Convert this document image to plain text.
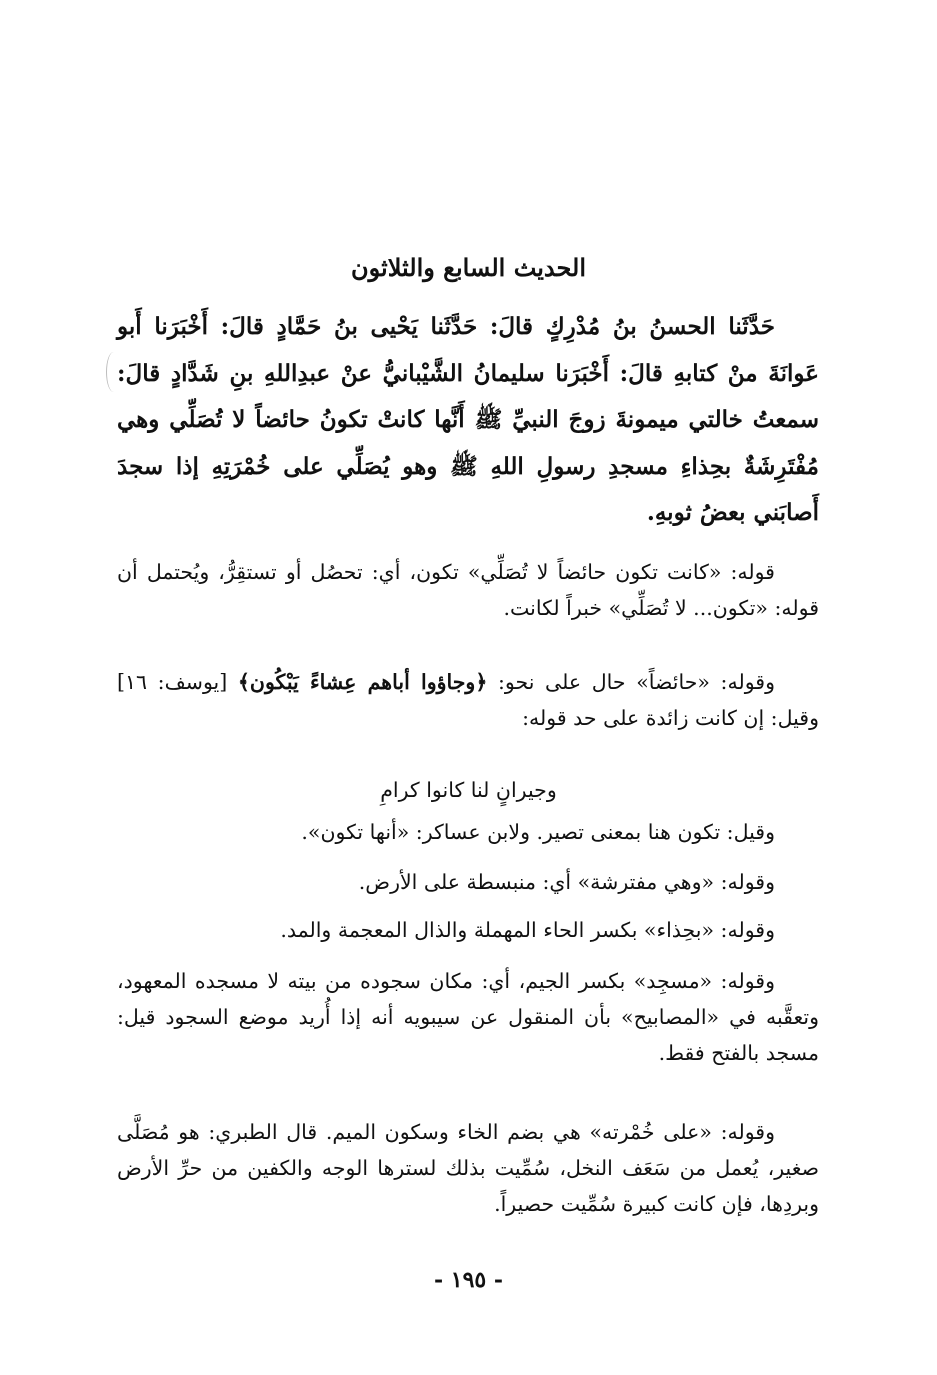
الحديث السابع والثلاثون

حَدَّثَنا الحسنُ بنُ مُدْرِكٍ قالَ: حَدَّثَنا يَحْيى بنُ حَمَّادٍ قالَ: أَخْبَرَنا أَبو عَوانَةَ منْ كتابهِ قالَ: أَخْبَرَنا سليمانُ الشَّيْبانيُّ عنْ عبدِاللهِ بنِ شَدَّادٍ قالَ: سمعتُ خالتي ميمونةَ زوجَ النبيِّ ﷺ أَنَّها كانتْ تكونُ حائضاً لا تُصَلِّي وهي مُفْتَرِشَةٌ بحِذاءِ مسجدِ رسولِ اللهِ ﷺ وهو يُصَلِّي على خُمْرَتِهِ إذا سجدَ أَصابَني بعضُ ثوبهِ.

قوله: «كانت تكون حائضاً لا تُصَلِّي» تكون، أي: تحصُل أو تستقِرُّ، ويُحتمل أن قوله: «تكون... لا تُصَلِّي» خبراً لكانت.

وقوله: «حائضاً» حال على نحو: ﴿وجاؤوا أباهم عِشاءً يَبْكُون﴾ [يوسف: ١٦] وقيل: إن كانت زائدة على حد قوله:

وجيرانٍ لنا كانوا كرامِ

وقيل: تكون هنا بمعنى تصير. ولابن عساكر: «أنها تكون».

وقوله: «وهي مفترشة» أي: منبسطة على الأرض.

وقوله: «بحِذاء» بكسر الحاء المهملة والذال المعجمة والمد.

وقوله: «مسجِد» بكسر الجيم، أي: مكان سجوده من بيته لا مسجده المعهود، وتعقَّبه في «المصابيح» بأن المنقول عن سيبويه أنه إذا أُريد موضع السجود قيل: مسجد بالفتح فقط.

وقوله: «على خُمْرته» هي بضم الخاء وسكون الميم. قال الطبري: هو مُصَلَّى صغير، يُعمل من سَعَف النخل، سُمِّيت بذلك لسترها الوجه والكفين من حرِّ الأرض وبردِها، فإن كانت كبيرة سُمِّيت حصيراً.

- ١٩٥ -
